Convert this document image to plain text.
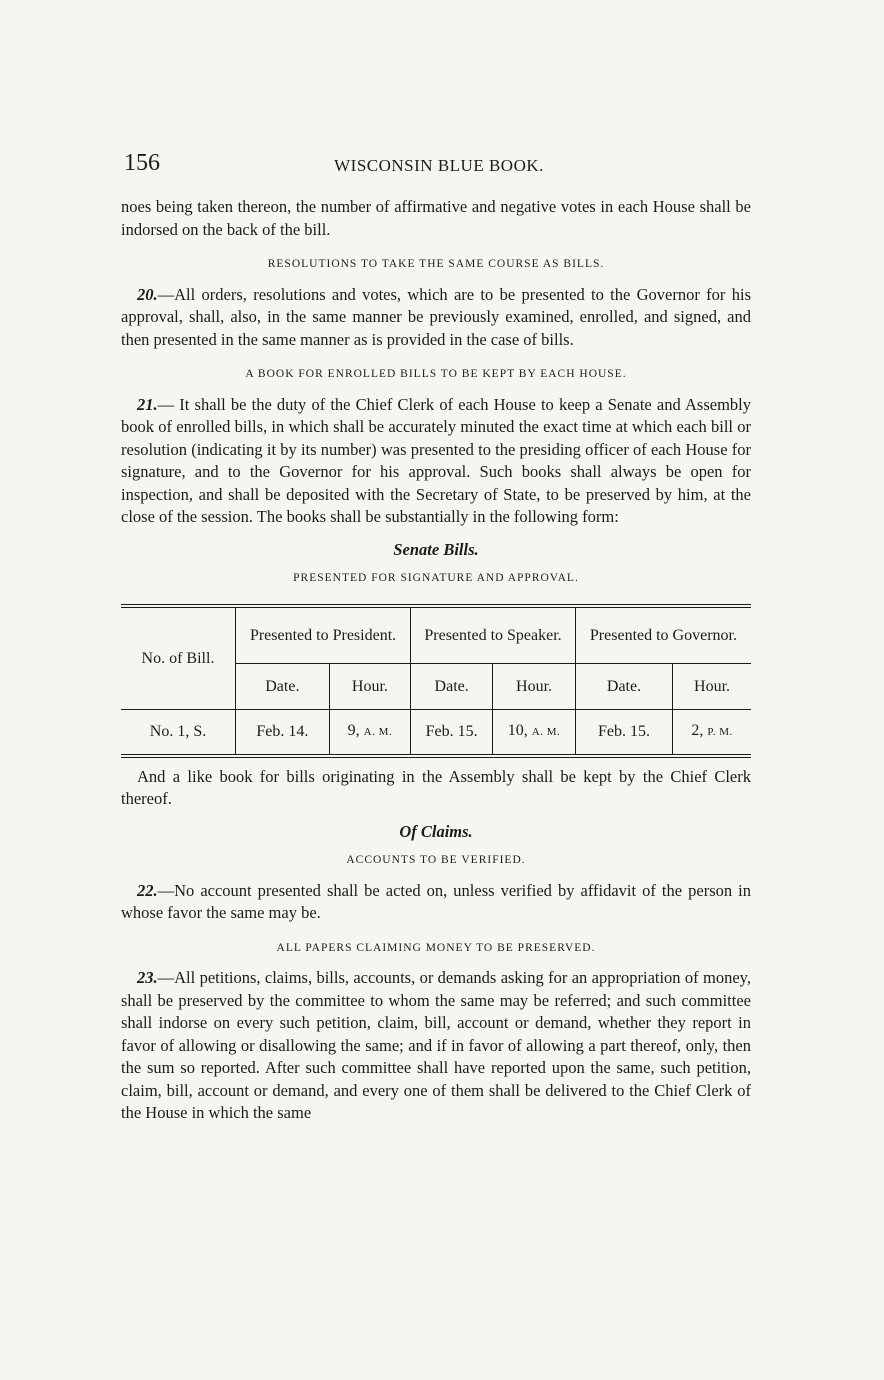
156	WISCONSIN BLUE BOOK.

noes being taken thereon, the number of affirmative and negative votes in each House shall be indorsed on the back of the bill.

RESOLUTIONS TO TAKE THE SAME COURSE AS BILLS.

20.—All orders, resolutions and votes, which are to be presented to the Governor for his approval, shall, also, in the same manner be previously examined, enrolled, and signed, and then presented in the same manner as is provided in the case of bills.

A BOOK FOR ENROLLED BILLS TO BE KEPT BY EACH HOUSE.

21.— It shall be the duty of the Chief Clerk of each House to keep a Senate and Assembly book of enrolled bills, in which shall be accurately minuted the exact time at which each bill or resolution (indicating it by its number) was presented to the presiding officer of each House for signature, and to the Governor for his approval. Such books shall always be open for inspection, and shall be deposited with the Secretary of State, to be preserved by him, at the close of the session. The books shall be substantially in the following form:

Senate Bills.
PRESENTED FOR SIGNATURE AND APPROVAL.
No. of Bill.	Presented to President.		Presented to Speaker.		Presented to Governor.	
	Date.	Hour.	Date.	Hour.	Date.	Hour.
No. 1, S.	Feb. 14.	9, A. M.	Feb. 15.	10, A. M.	Feb. 15.	2, P. M.

And a like book for bills originating in the Assembly shall be kept by the Chief Clerk thereof.

Of Claims.
ACCOUNTS TO BE VERIFIED.

22.—No account presented shall be acted on, unless verified by affidavit of the person in whose favor the same may be.

ALL PAPERS CLAIMING MONEY TO BE PRESERVED.

23.—All petitions, claims, bills, accounts, or demands asking for an appropriation of money, shall be preserved by the committee to whom the same may be referred; and such committee shall indorse on every such petition, claim, bill, account or demand, whether they report in favor of allowing or disallowing the same; and if in favor of allowing a part thereof, only, then the sum so reported. After such committee shall have reported upon the same, such petition, claim, bill, account or demand, and every one of them shall be delivered to the Chief Clerk of the House in which the same
